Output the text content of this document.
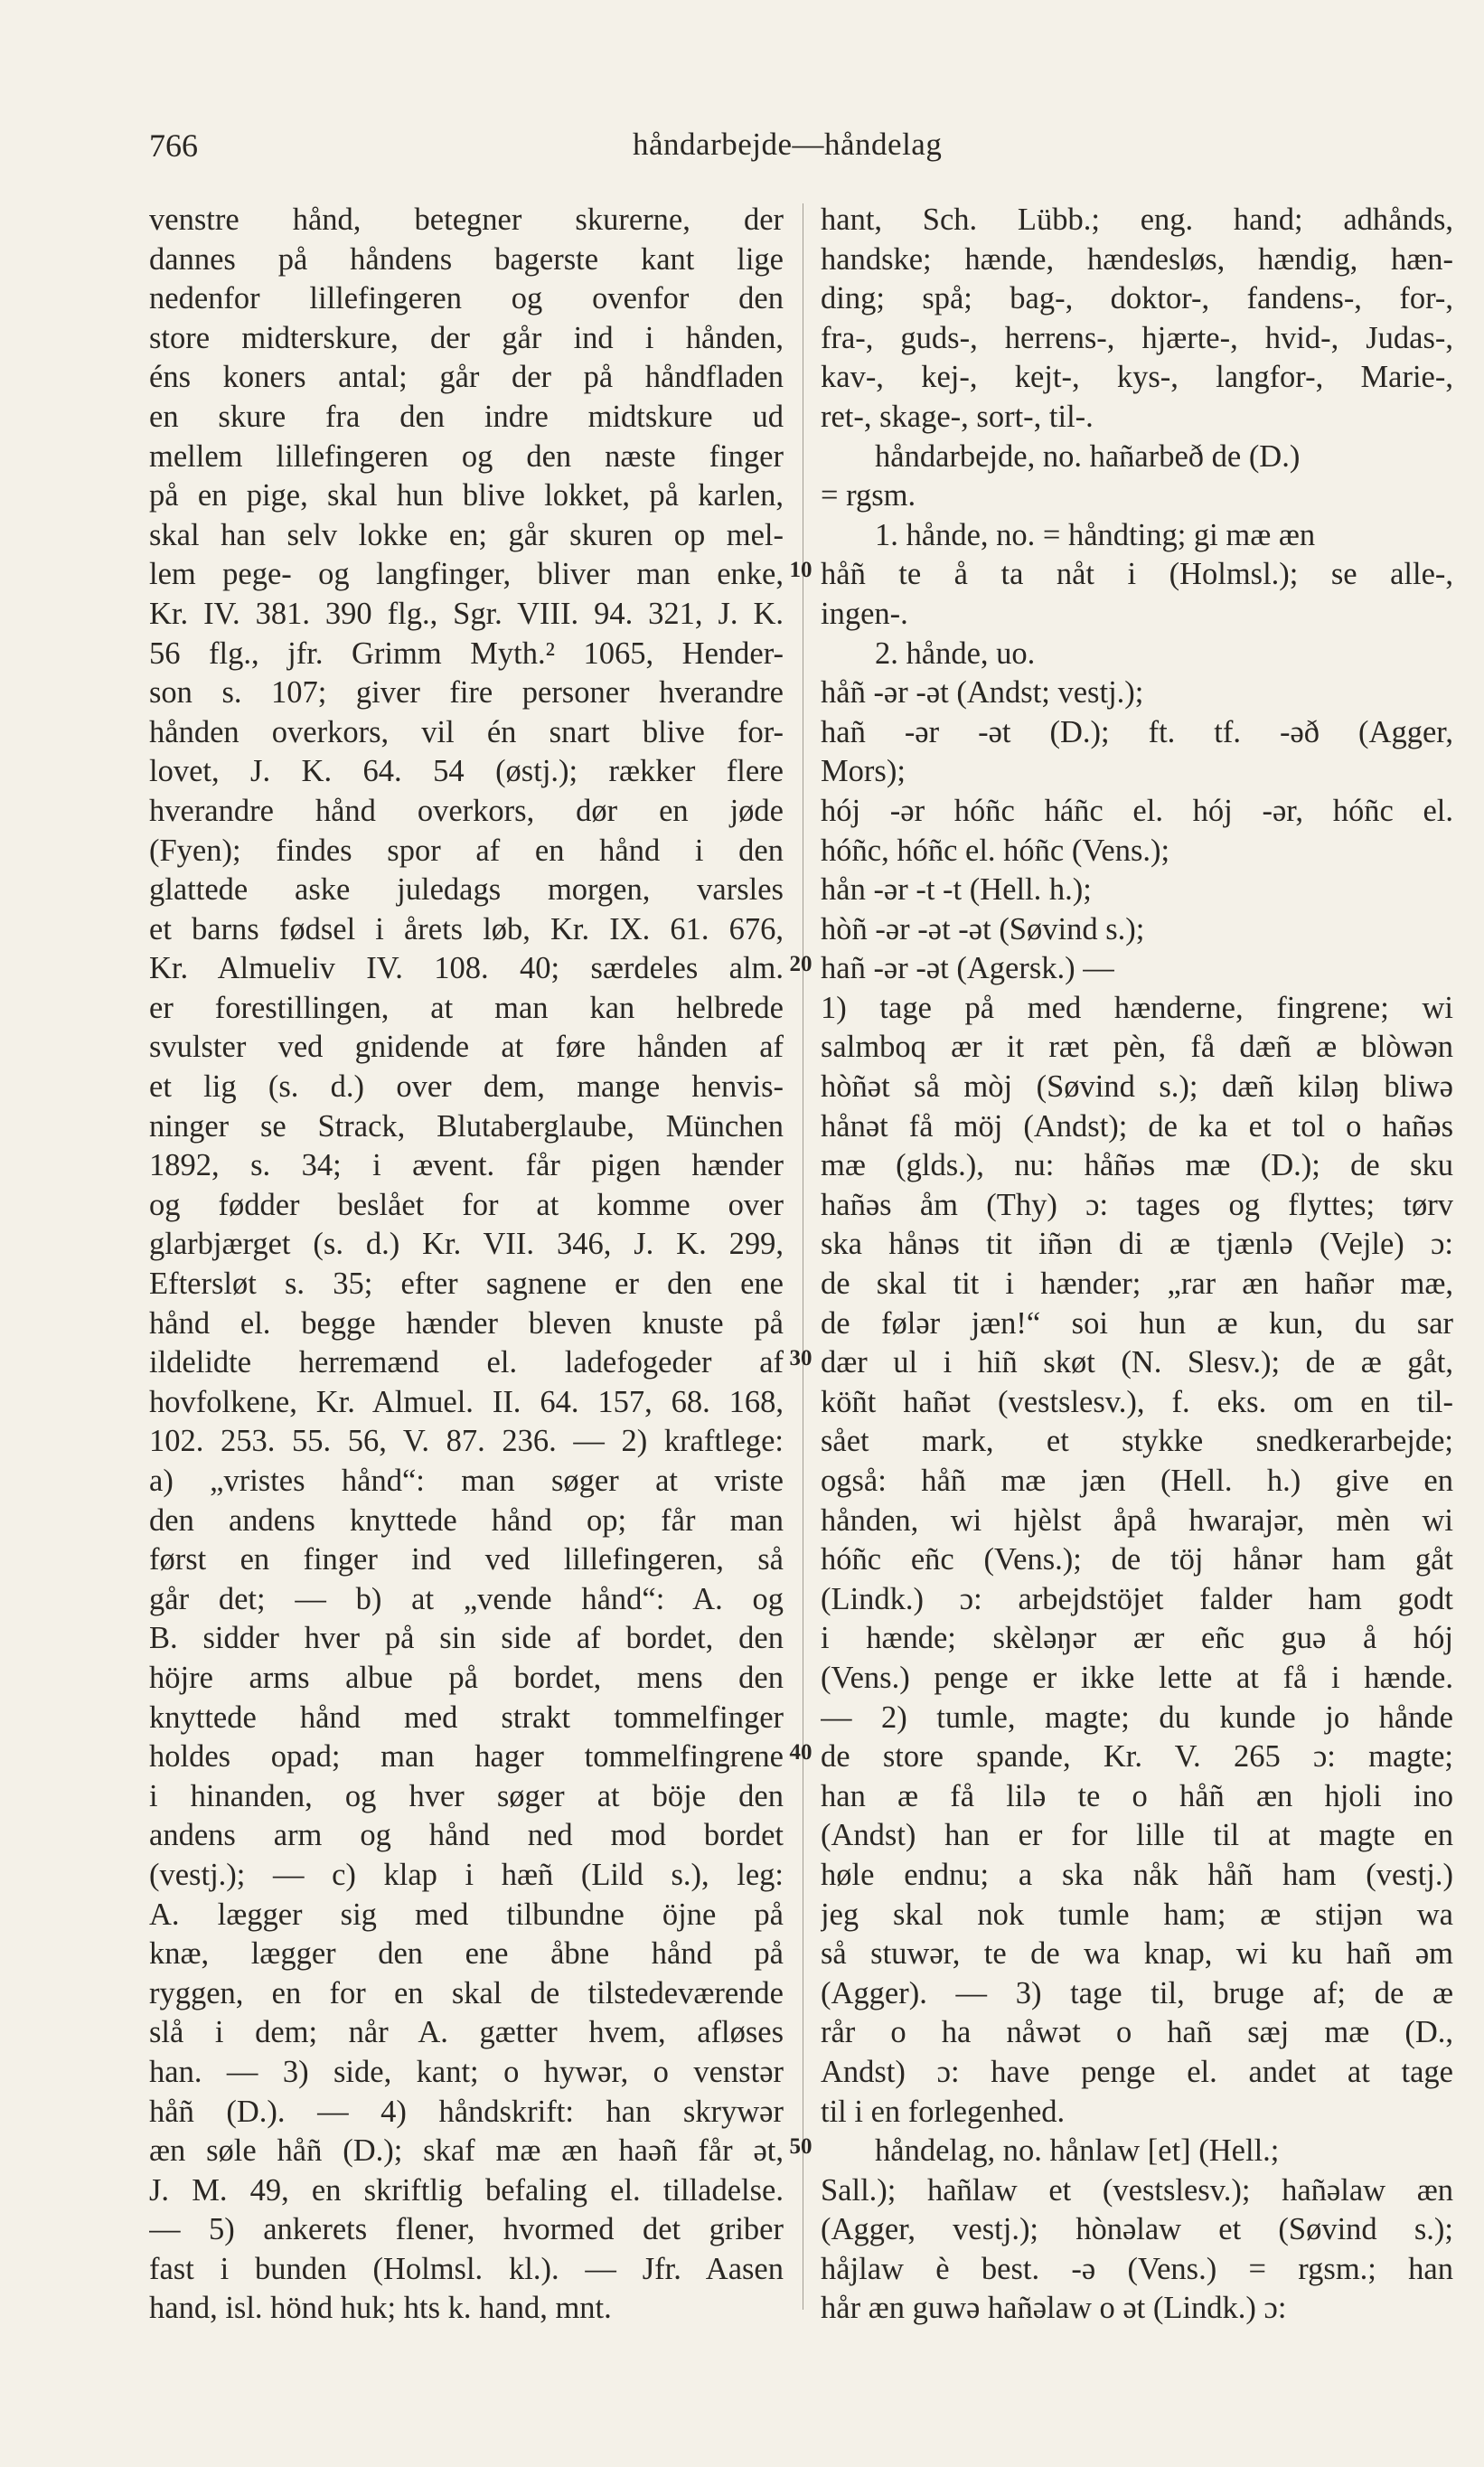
766	håndarbejde—håndelag
venstre hånd, betegner skurerne, der
dannes på håndens bagerste kant lige
nedenfor lillefingeren og ovenfor den
store midterskure, der går ind i hånden,
éns koners antal; går der på håndfladen
en skure fra den indre midtskure ud
mellem lillefingeren og den næste finger
på en pige, skal hun blive lokket, på karlen,
skal han selv lokke en; går skuren op mel-
lem pege- og langfinger, bliver man enke,
Kr. IV. 381. 390 flg., Sgr. VIII. 94. 321, J. K.
56 flg., jfr. Grimm Myth.² 1065, Hender-
son s. 107; giver fire personer hverandre
hånden overkors, vil én snart blive for-
lovet, J. K. 64. 54 (østj.); rækker flere
hverandre hånd overkors, dør en jøde
(Fyen); findes spor af en hånd i den
glattede aske juledags morgen, varsles
et barns fødsel i årets løb, Kr. IX. 61. 676,
Kr. Almueliv IV. 108. 40; særdeles alm.
er forestillingen, at man kan helbrede
svulster ved gnidende at føre hånden af
et lig (s. d.) over dem, mange henvis-
ninger se Strack, Blutaberglaube, München
1892, s. 34; i ævent. får pigen hænder
og fødder beslået for at komme over
glarbjærget (s. d.) Kr. VII. 346, J. K. 299,
Eftersløt s. 35; efter sagnene er den ene
hånd el. begge hænder bleven knuste på
ildelidte herremænd el. ladefogeder af
hovfolkene, Kr. Almuel. II. 64. 157, 68. 168,
102. 253. 55. 56, V. 87. 236. — 2) kraftlege:
a) „vristes hånd“: man søger at vriste
den andens knyttede hånd op; får man
først en finger ind ved lillefingeren, så
går det; — b) at „vende hånd“: A. og
B. sidder hver på sin side af bordet, den
höjre arms albue på bordet, mens den
knyttede hånd med strakt tommelfinger
holdes opad; man hager tommelfingrene
i hinanden, og hver søger at böje den
andens arm og hånd ned mod bordet
(vestj.); — c) klap i hæñ (Lild s.), leg:
A. lægger sig med tilbundne öjne på
knæ, lægger den ene åbne hånd på
ryggen, en for en skal de tilstedeværende
slå i dem; når A. gætter hvem, afløses
han. — 3) side, kant; o hywər, o venstər
håñ (D.). — 4) håndskrift: han skrywər
æn søle håñ (D.); skaf mæ æn haəñ får ət,
J. M. 49, en skriftlig befaling el. tilladelse.
— 5) ankerets flener, hvormed det griber
fast i bunden (Holmsl. kl.). — Jfr. Aasen
hand, isl. hönd huk; hts k. hand, mnt.
hant, Sch. Lübb.; eng. hand; adhånds,
handske; hænde, hændesløs, hændig, hæn-
ding; spå; bag-, doktor-, fandens-, for-,
fra-, guds-, herrens-, hjærte-, hvid-, Judas-,
kav-, kej-, kejt-, kys-, langfor-, Marie-,
ret-, skage-, sort-, til-.
håndarbejde, no. hañarbeð de (D.)
= rgsm.
1. hånde, no. = håndting; gi mæ æn
håñ te å ta nåt i (Holmsl.); se alle-,
ingen-.
2. hånde, uo.
håñ -ər -ət (Andst; vestj.);
hañ -ər -ət (D.); ft. tf. -əð (Agger,
Mors);
hój -ər hóñc háñc el. hój -ər, hóñc el.
hóñc, hóñc el. hóñc (Vens.);
hån -ər -t -t (Hell. h.);
hòñ -ər -ət -ət (Søvind s.);
hañ -ər -ət (Agersk.) —
1) tage på med hænderne, fingrene; wi
salmboq ær it ræt pèn, få dæñ æ blòwən
hòñət så mòj (Søvind s.); dæñ kiləŋ bliwə
hånət få möj (Andst); de ka et tol o hañəs
mæ (glds.), nu: håñəs mæ (D.); de sku
hañəs åm (Thy) ɔ: tages og flyttes; tørv
ska hånəs tit iñən di æ tjænlə (Vejle) ɔ:
de skal tit i hænder; „rar æn hañər mæ,
de følər jæn!“ soi hun æ kun, du sar
dær ul i hiñ skøt (N. Slesv.); de æ gåt,
köñt hañət (vestslesv.), f. eks. om en til-
sået mark, et stykke snedkerarbejde;
også: håñ mæ jæn (Hell. h.) give en
hånden, wi hjèlst åpå hwarajər, mèn wi
hóñc eñc (Vens.); de töj hånər ham gåt
(Lindk.) ɔ: arbejdstöjet falder ham godt
i hænde; skèləŋər ær eñc guə å hój
(Vens.) penge er ikke lette at få i hænde.
— 2) tumle, magte; du kunde jo hånde
de store spande, Kr. V. 265 ɔ: magte;
han æ få lilə te o håñ æn hjoli ino
(Andst) han er for lille til at magte en
høle endnu; a ska nåk håñ ham (vestj.)
jeg skal nok tumle ham; æ stijən wa
så stuwər, te de wa knap, wi ku hañ əm
(Agger). — 3) tage til, bruge af; de æ
rår o ha nåwət o hañ sæj mæ (D.,
Andst) ɔ: have penge el. andet at tage
til i en forlegenhed.
håndelag, no. hånlaw [et] (Hell.;
Sall.); hañlaw et (vestslesv.); hañəlaw æn
(Agger, vestj.); hònəlaw et (Søvind s.);
håjlaw è best. -ə (Vens.) = rgsm.; han
hår æn guwə hañəlaw o ət (Lindk.) ɔ:
10
20
30
40
50
